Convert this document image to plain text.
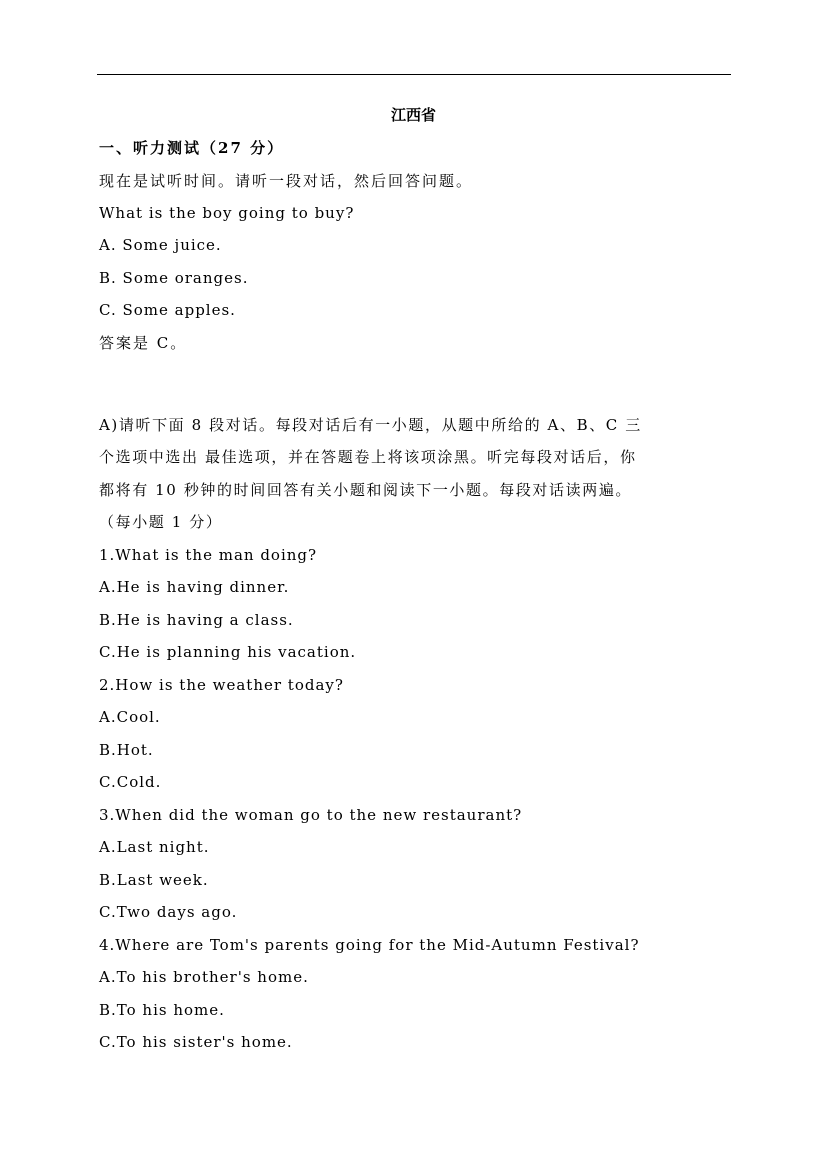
江西省
一、听力测试（27 分）
现在是试听时间。请听一段对话，然后回答问题。
What is the boy going to buy?
A. Some juice.
B. Some oranges.
C. Some apples.
答案是 C。
A)请听下面 8 段对话。每段对话后有一小题，从题中所给的 A、B、C 三
个选项中选出 最佳选项，并在答题卷上将该项涂黑。听完每段对话后，你
都将有 10 秒钟的时间回答有关小题和阅读下一小题。每段对话读两遍。
（每小题 1 分）
1.What is the man doing?
A.He is having dinner.
B.He is having a class.
C.He is planning his vacation.
2.How is the weather today?
A.Cool.
B.Hot.
C.Cold.
3.When did the woman go to the new restaurant?
A.Last night.
B.Last week.
C.Two days ago.
4.Where are Tom's parents going for the Mid-Autumn Festival?
A.To his brother's home.
B.To his home.
C.To his sister's home.
